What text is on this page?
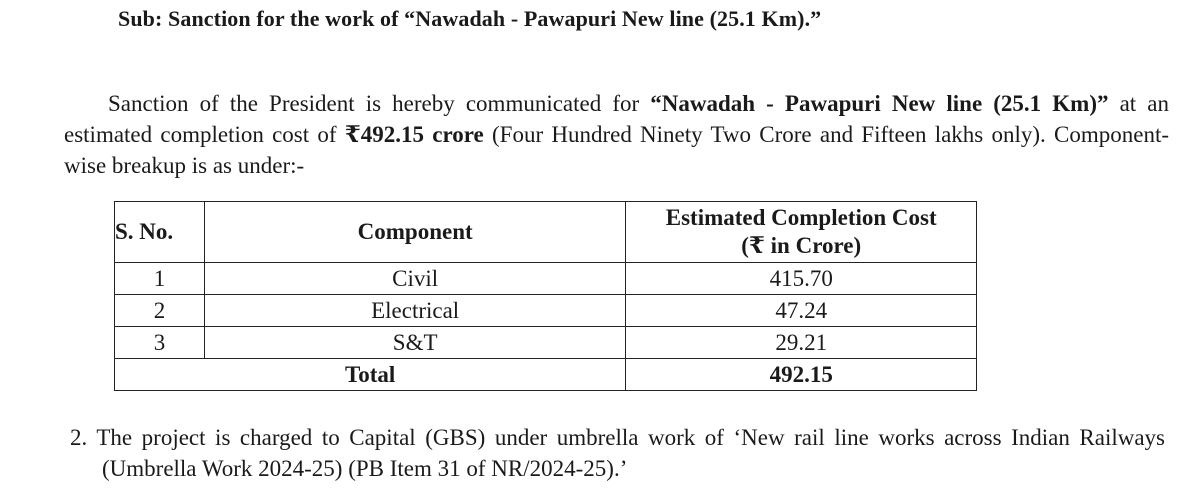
Sub: Sanction for the work of “Nawadah - Pawapuri New line (25.1 Km).”
Sanction of the President is hereby communicated for “Nawadah - Pawapuri New line (25.1 Km)” at an estimated completion cost of ₹492.15 crore (Four Hundred Ninety Two Crore and Fifteen lakhs only). Component-wise breakup is as under:-
S. No.	Component	Estimated Completion Cost
(₹ in Crore)

1	Civil	415.70
2	Electrical	47.24
3	S&T	29.21
Total		492.15
2. The project is charged to Capital (GBS) under umbrella work of ‘New rail line works across Indian Railways (Umbrella Work 2024-25) (PB Item 31 of NR/2024-25).’
